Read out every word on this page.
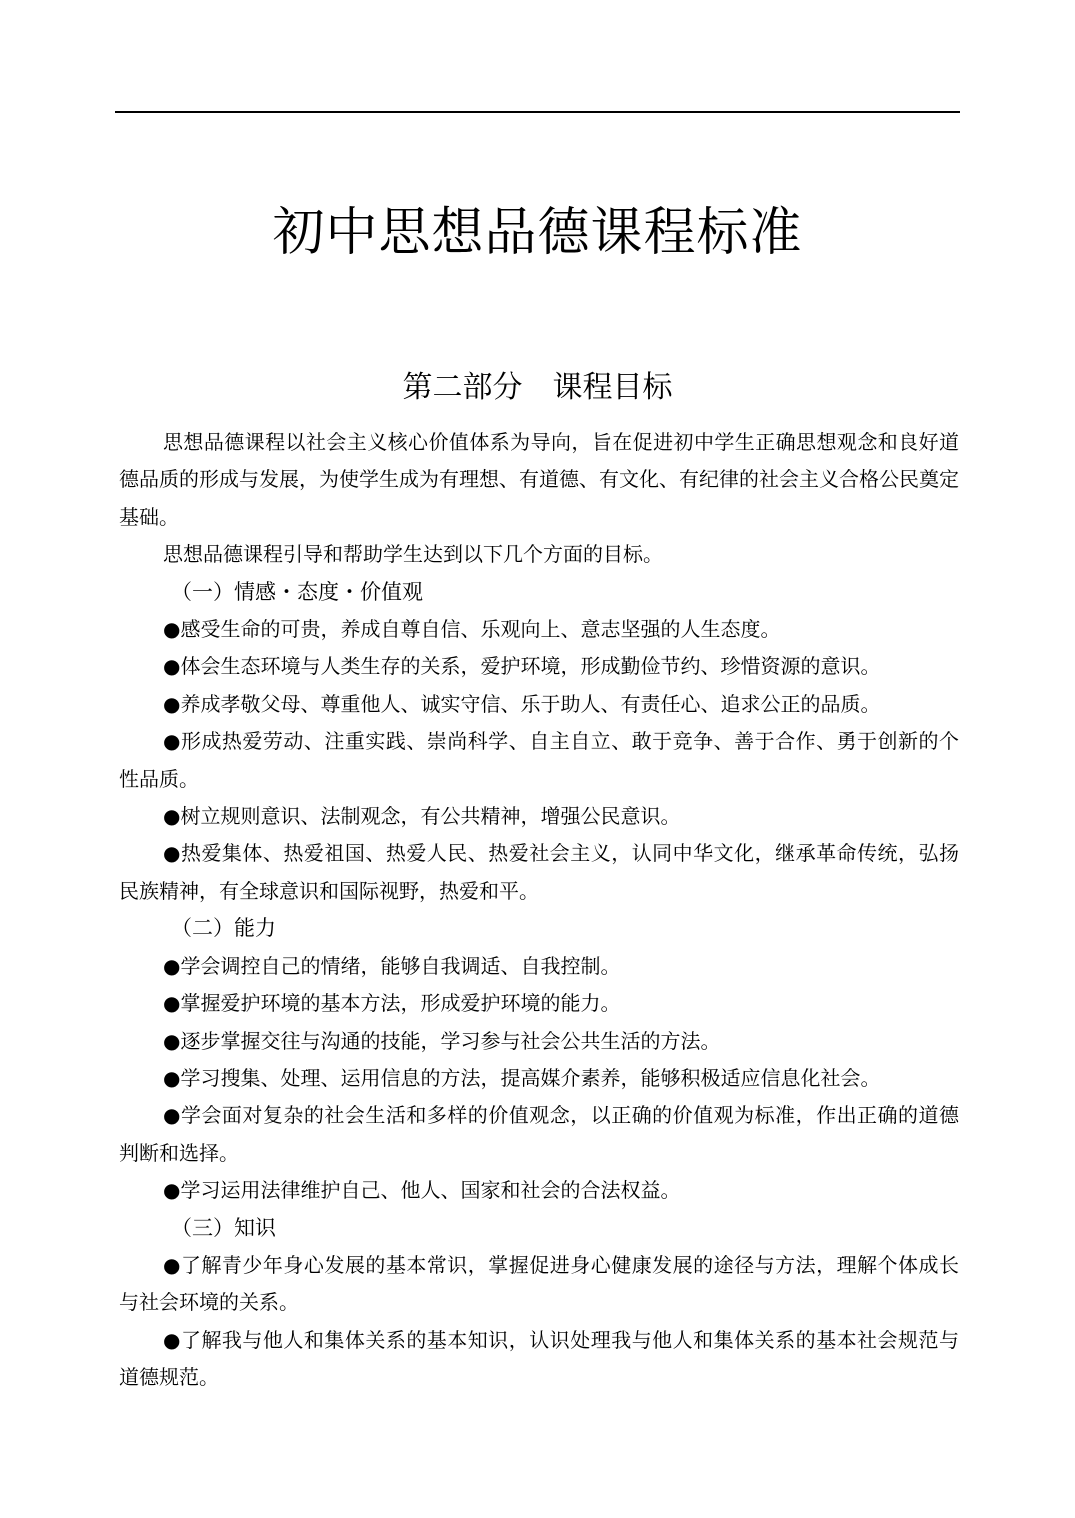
初中思想品德课程标准
第二部分　课程目标

思想品德课程以社会主义核心价值体系为导向，旨在促进初中学生正确思想观念和良好道德品质的形成与发展，为使学生成为有理想、有道德、有文化、有纪律的社会主义合格公民奠定基础。

思想品德课程引导和帮助学生达到以下几个方面的目标。

（一）情感・态度・价值观

●感受生命的可贵，养成自尊自信、乐观向上、意志坚强的人生态度。

●体会生态环境与人类生存的关系，爱护环境，形成勤俭节约、珍惜资源的意识。

●养成孝敬父母、尊重他人、诚实守信、乐于助人、有责任心、追求公正的品质。

●形成热爱劳动、注重实践、崇尚科学、自主自立、敢于竞争、善于合作、勇于创新的个性品质。

●树立规则意识、法制观念，有公共精神，增强公民意识。

●热爱集体、热爱祖国、热爱人民、热爱社会主义，认同中华文化，继承革命传统，弘扬民族精神，有全球意识和国际视野，热爱和平。

（二）能力

●学会调控自己的情绪，能够自我调适、自我控制。

●掌握爱护环境的基本方法，形成爱护环境的能力。

●逐步掌握交往与沟通的技能，学习参与社会公共生活的方法。

●学习搜集、处理、运用信息的方法，提高媒介素养，能够积极适应信息化社会。

●学会面对复杂的社会生活和多样的价值观念，以正确的价值观为标准，作出正确的道德判断和选择。

●学习运用法律维护自己、他人、国家和社会的合法权益。

（三）知识

●了解青少年身心发展的基本常识，掌握促进身心健康发展的途径与方法，理解个体成长与社会环境的关系。

●了解我与他人和集体关系的基本知识，认识处理我与他人和集体关系的基本社会规范与道德规范。
